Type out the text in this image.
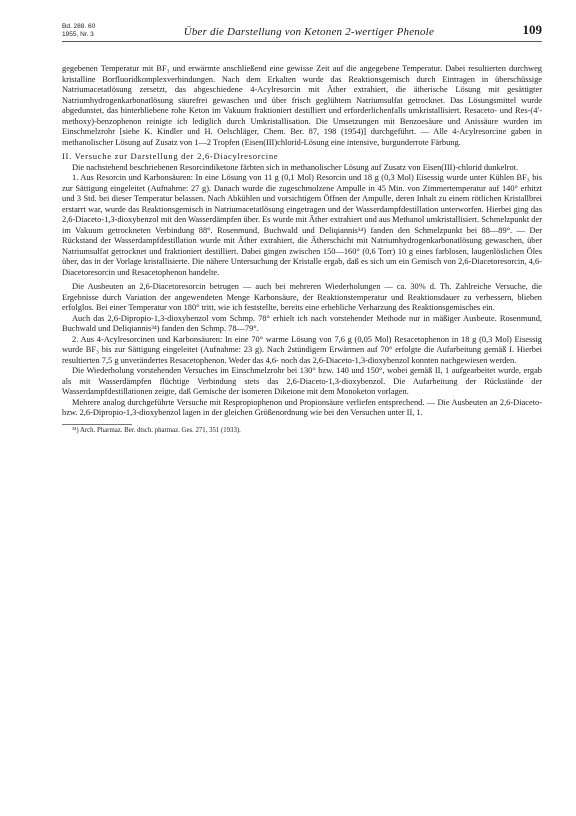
Bd. 288. 60
1955, Nr. 3	Über die Darstellung von Ketonen 2-wertiger Phenole	109

gegebenen Temperatur mit BF₃ und erwärmte anschließend eine gewisse Zeit auf die angegebene Temperatur. Dabei resultierten durchweg kristalline Borfluoridkomplexverbindungen. Nach dem Erkalten wurde das Reaktionsgemisch durch Eintragen in überschüssige Natriumacetatlösung zersetzt, das abgeschiedene 4-Acylresorcin mit Äther extrahiert, die ätherische Lösung mit gesättigter Natriumhydrogenkarbonatlösung säurefrei gewaschen und über frisch geglühtem Natriumsulfat getrocknet. Das Lösungsmittel wurde abgedunstet, das hinterbliebene rohe Keton im Vakuum fraktioniert destilliert und erforderlichenfalls umkristallisiert. Resaceto- und Res-(4′-methoxy)-benzophenon reinigte ich lediglich durch Umkristallisation. Die Umsetzungen mit Benzoesäure und Anissäure wurden im Einschmelzrohr [siehe K. Kindler und H. Oelschläger, Chem. Ber. 87, 198 (1954)] durchgeführt. — Alle 4-Acylresorcine gaben in methanolischer Lösung auf Zusatz von 1—2 Tropfen (Eisen(III)chlorid-Lösung eine intensive, burgunderrote Färbung.

II. Versuche zur Darstellung der 2,6-Diacylresorcine

Die nachstehend beschriebenen Resorcindiketone färbten sich in methanolischer Lösung auf Zusatz von Eisen(III)-chlorid dunkelrot.

1. Aus Resorcin und Karbonsäuren: In eine Lösung von 11 g (0,1 Mol) Resorcin und 18 g (0,3 Mol) Eisessig wurde unter Kühlen BF₃ bis zur Sättigung eingeleitet (Aufnahme: 27 g). Danach wurde die zugeschmolzene Ampulle in 45 Min. von Zimmertemperatur auf 140° erhitzt und 3 Std. bei dieser Temperatur belassen. Nach Abkühlen und vorsichtigem Öffnen der Ampulle, deren Inhalt zu einem rötlichen Kristallbrei erstarrt war, wurde das Reaktionsgemisch in Natriumacetatlösung eingetragen und der Wasserdampfdestillation unterworfen. Hierbei ging das 2,6-Diaceto-1,3-dioxybenzol mit den Wasserdämpfen über. Es wurde mit Äther extrahiert und aus Methanol umkristallisiert. Schmelzpunkt der im Vakuum getrockneten Verbindung 88°. Rosenmund, Buchwald und Deliqiannis³⁴) fanden den Schmelzpunkt bei 88—89°. — Der Rückstand der Wasserdampfdestillation wurde mit Äther extrahiert, die Ätherschicht mit Natriumhydrogenkarbonatlösung gewaschen, über Natriumsulfat getrocknet und fraktioniert destilliert. Dabei gingen zwischen 150—160° (0,6 Torr) 10 g eines farblosen, laugenlöslichen Öles über, das in der Vorlage kristallisierte. Die nähere Untersuchung der Kristalle ergab, daß es sich um ein Gemisch von 2,6-Diacetoresorcin, 4,6-Diacetoresorcin und Resacetophenon handelte.

Die Ausbeuten an 2,6-Diacetoresorcin betrugen — auch bei mehreren Wiederholungen — ca. 30% d. Th. Zahlreiche Versuche, die Ergebnisse durch Variation der angewendeten Menge Karbonsäure, der Reaktionstemperatur und Reaktionsdauer zu verbessern, blieben erfolglos. Bei einer Temperatur von 180° tritt, wie ich feststellte, bereits eine erhebliche Verharzung des Reaktionsgemisches ein.

Auch das 2,6-Dipropio-1,3-dioxybenzol vom Schmp. 78° erhielt ich nach vorstehender Methode nur in mäßiger Ausbeute. Rosenmund, Buchwald und Deliqiannis³⁴) fanden den Schmp. 78—79°.

2. Aus 4-Acylresorcinen und Karbonsäuren: In eine 70° warme Lösung von 7,6 g (0,05 Mol) Resacetophenon in 18 g (0,3 Mol) Eisessig wurde BF₃ bis zur Sättigung eingeleitet (Aufnahme: 23 g). Nach 2stündigem Erwärmen auf 70° erfolgte die Aufarbeitung gemäß I. Hierbei resultierten 7,5 g unverändertes Resacetophenon. Weder das 4,6- noch das 2,6-Diaceto-1,3-dioxybenzol konnten nachgewiesen werden.

Die Wiederholung vorstehenden Versuches im Einschmelzrohr bei 130° bzw. 140 und 150°, wobei gemäß II, 1 aufgearbeitet wurde, ergab als mit Wasserdämpfen flüchtige Verbindung stets das 2,6-Diaceto-1,3-dioxybenzol. Die Aufarbeitung der Rückstände der Wasserdampfdestillationen zeigte, daß Gemische der isomeren Diketone mit dem Monoketon vorlagen.

Mehrere analog durchgeführte Versuche mit Respropiophenon und Propionsäure verliefen entsprechend. — Die Ausbeuten an 2,6-Diaceto- bzw. 2,6-Dipropio-1,3-dioxybenzol lagen in der gleichen Größenordnung wie bei den Versuchen unter II, 1.

³⁴) Arch. Pharmaz. Ber. dtsch. pharmaz. Ges. 271, 351 (1933).
